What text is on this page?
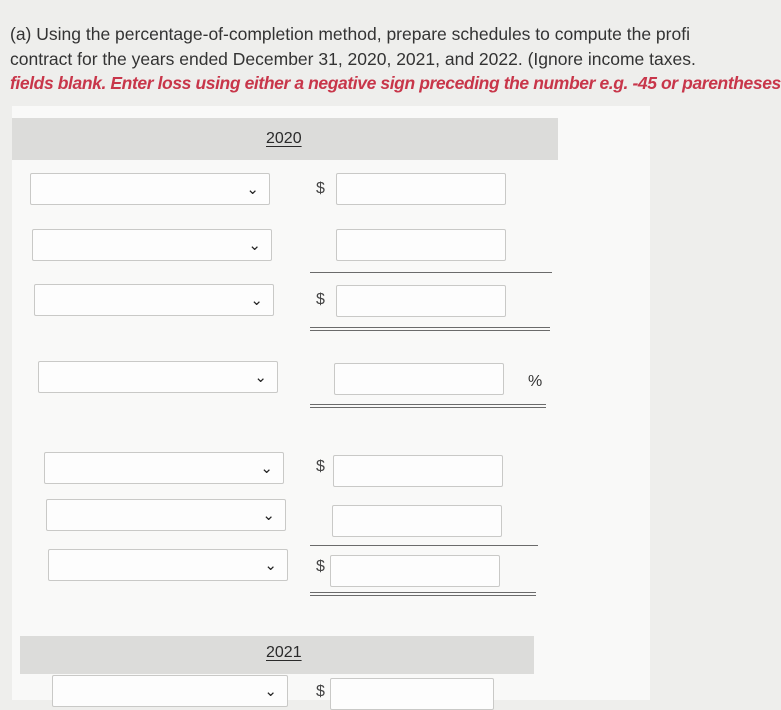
(a) Using the percentage-of-completion method, prepare schedules to compute the profi
contract for the years ended December 31, 2020, 2021, and 2022. (Ignore income taxes.
fields blank. Enter loss using either a negative sign preceding the number e.g. -45 or parentheses
2020
⌄	$
⌄
⌄	$
⌄	%
⌄	$
⌄
⌄ $
2021
⌄ $
